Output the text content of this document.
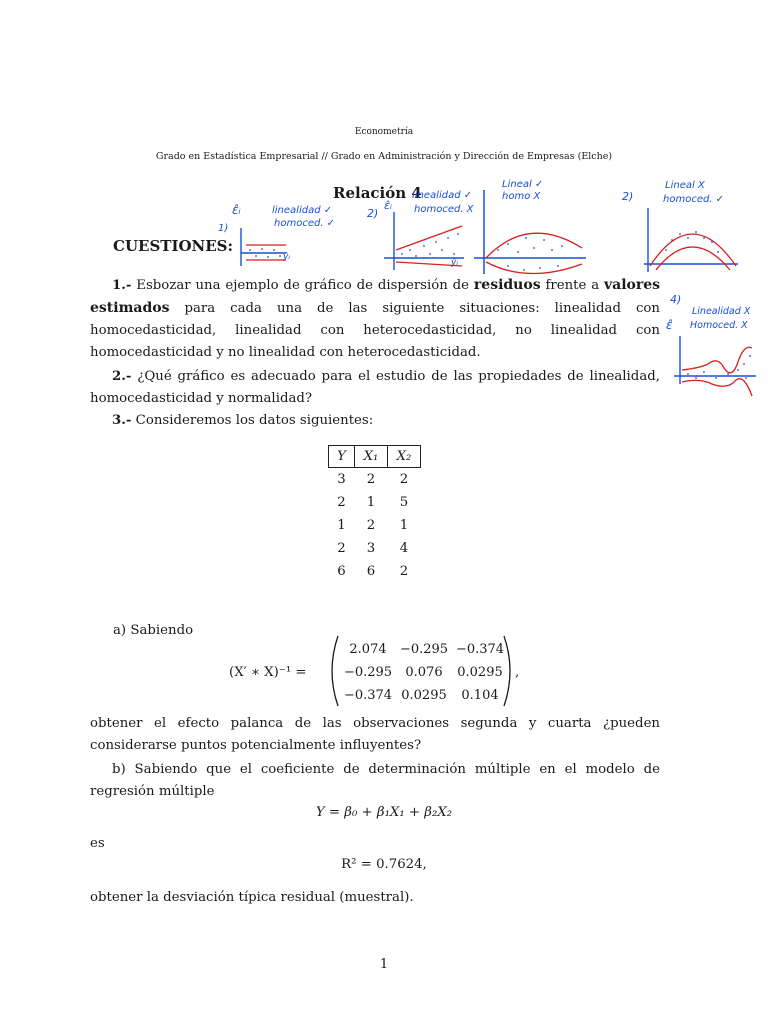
Econometría
Grado en Estadística Empresarial // Grado en Administración y Dirección de Empresas (Elche)
Relación 4
CUESTIONES:
1.- Esbozar una ejemplo de gráfico de dispersión de residuos frente a valores estimados para cada una de las siguiente situaciones: linealidad con homocedasticidad, linealidad con heterocedasticidad, no linealidad con homocedasticidad y no linealidad con heterocedasticidad.
2.- ¿Qué gráfico es adecuado para el estudio de las propiedades de linealidad, homocedasticidad y normalidad?
3.- Consideremos los datos siguientes:
Y	X₁	X₂
3	2	2
2	1	5
1	2	1
2	3	4
6	6	2
a) Sabiendo
(X′ ∗ X)⁻¹ =
2.074	−0.295 −0.374
−0.295	0.076	0.0295
−0.374 0.0295	0.104
,
obtener el efecto palanca de las observaciones segunda y cuarta ¿pueden considerarse puntos potencialmente influyentes?
b) Sabiendo que el coeficiente de determinación múltiple en el modelo de regresión múltiple
Y = β₀ + β₁X₁ + β₂X₂
es
R² = 0.7624,
obtener la desviación típica residual (muestral).
1
1)
ε̂ᵢ	linealidad ✓
homoced. ✓
ŷᵢ
2)
ε̂ᵢ
linealidad ✓
homoced. X
ŷᵢ
Lineal ✓
homo X	2)
Lineal X
homoced. ✓
4)
ε̂
Linealidad X
Homoced. X
